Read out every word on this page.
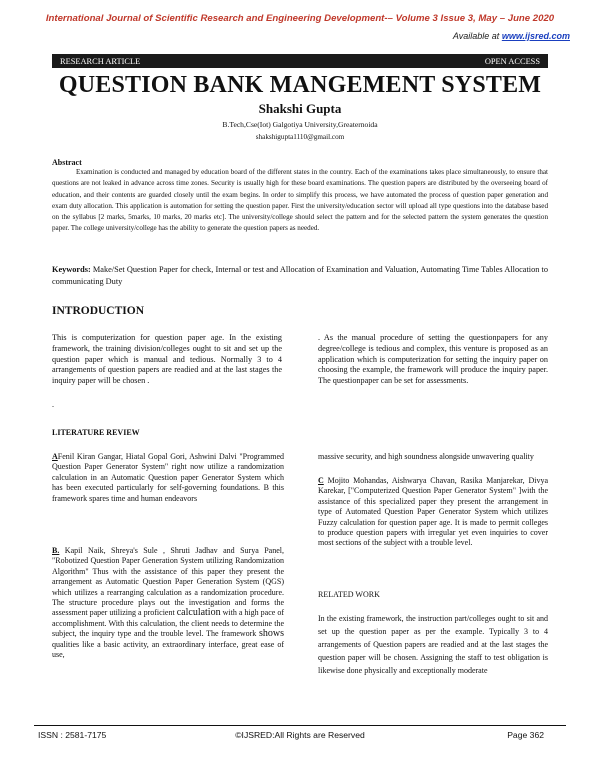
International Journal of Scientific Research and Engineering Development-– Volume 3 Issue 3, May – June 2020
Available at www.ijsred.com
RESEARCH ARTICLE	OPEN ACCESS
QUESTION BANK MANGEMENT SYSTEM
Shakshi Gupta
B.Tech,Cse(Iot) Galgotiya University,Greaternoida
shakshigupta1110@gmail.com
Abstract

Examination is conducted and managed by education board of the different states in the country. Each of the examinations takes place simultaneously, to ensure that questions are not leaked in advance across time zones. Security is usually high for these board examinations. The question papers are distributed by the overseeing board of education, and their contents are guarded closely until the exam begins. In order to simplify this process, we have automated the process of question paper generation and exam duty allocation. This application is automation for setting the question paper. First the university/education sector will upload all type questions into the database based on the syllabus [2 marks, 5marks, 10 marks, 20 marks etc]. The university/college should select the pattern and for the selected pattern the system generates the question paper. The college university/college has the ability to generate the question papers as needed.

Keywords: Make/Set Question Paper for check, Internal or test and Allocation of Examination and Valuation, Automating Time Tables Allocation to communicating Duty

INTRODUCTION

This is computerization for question paper age. In the existing framework, the training division/colleges ought to sit and set up the question paper which is manual and tedious. Normally 3 to 4 arrangements of question papers are readied and at the last stages the inquiry paper will be chosen .

. As the manual procedure of setting the questionpapers for any degree/college is tedious and complex, this venture is proposed as an application which is computerization for setting the inquiry paper on choosing the example, the framework will produce the inquiry paper. The questionpaper can be set for assessments.

.
LITERATURE REVIEW

AFenil Kiran Gangar, Hiatal Gopal Gori, Ashwini Dalvi "Programmed Question Paper Generator System" right now utilize a randomization calculation in an Automatic Question paper Generator System which has been executed particularly for self-governing foundations. B this framework spares time and human endeavors

B. Kapil Naik, Shreya's Sule , Shruti Jadhav and Surya Panel, "Robotized Question Paper Generation System utilizing Randomization Algorithm" Thus with the assistance of this paper they present the arrangement as Automatic Question Paper Generation System (QGS) which utilizes a rearranging calculation as a randomization procedure. The structure procedure plays out the investigation and forms the assessment paper utilizing a proficient calculation with a high pace of accomplishment. With this calculation, the client needs to determine the subject, the inquiry type and the trouble level. The framework shows qualities like a basic activity, an extraordinary interface, great ease of use,

massive security, and high soundness alongside unwavering quality

C Mojito Mohandas, Aishwarya Chavan, Rasika Manjarekar, Divya Karekar, ["Computerized Question Paper Generator System" ]with the assistance of this specialized paper they present the arrangement in type of Automated Question Paper Generator System which utilizes Fuzzy calculation for question paper age. It is made to permit colleges to produce question papers with irregular yet even inquiries to cover most sections of the subject with a trouble level.

RELATED WORK

In the existing framework, the instruction part/colleges ought to sit and set up the question paper as per the example. Typically 3 to 4 arrangements of Question papers are readied and at the last stages the question paper will be chosen. Assigning the staff to test obligation is likewise done physically and exceptionally moderate

ISSN : 2581-7175	©IJSRED:All Rights are Reserved	Page 362
